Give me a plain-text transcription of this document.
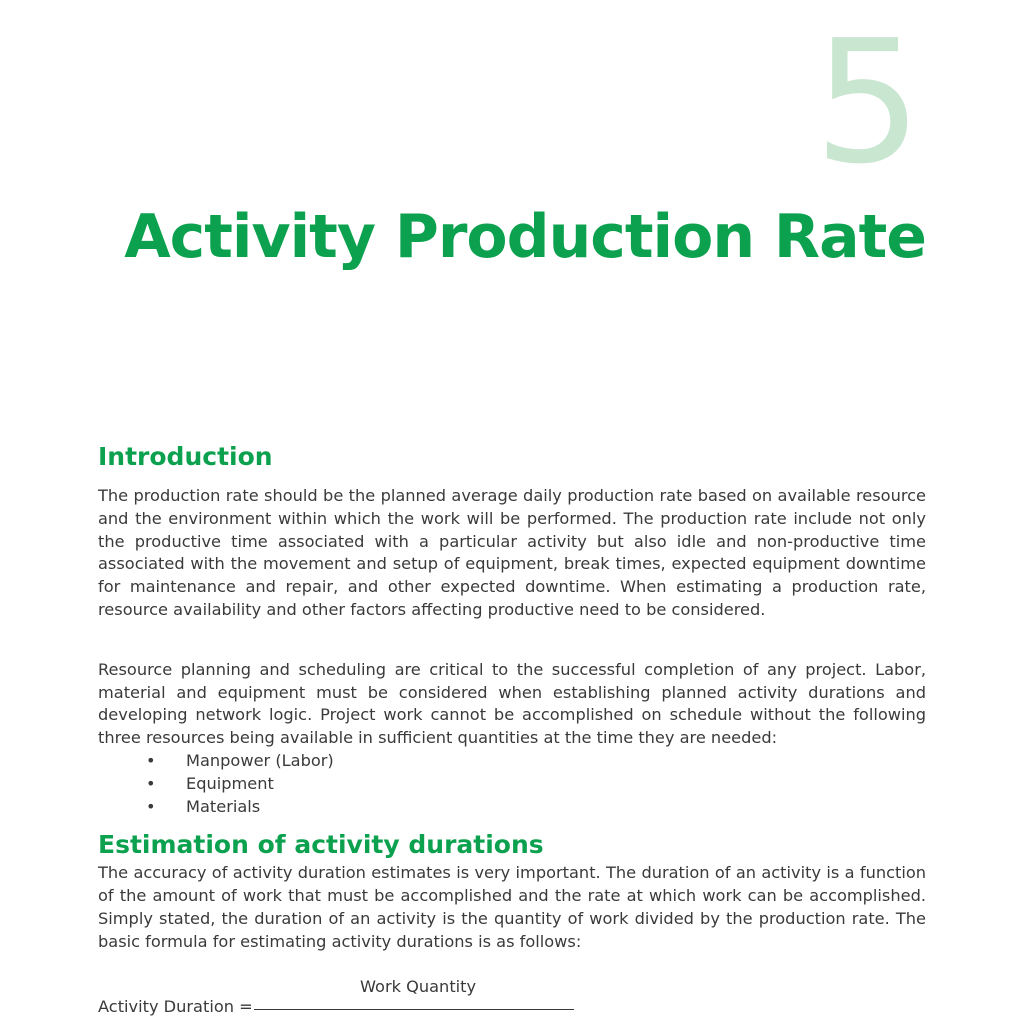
5
Activity Production Rate
Introduction

The production rate should be the planned average daily production rate based on available resource and the environment within which the work will be performed. The production rate include not only the productive time associated with a particular activity but also idle and non-productive time associated with the movement and setup of equipment, break times, expected equipment downtime for maintenance and repair, and other expected downtime. When estimating a production rate, resource availability and other factors affecting productive need to be considered.

Resource planning and scheduling are critical to the successful completion of any project. Labor, material and equipment must be considered when establishing planned activity durations and developing network logic. Project work cannot be accomplished on schedule without the following three resources being available in sufficient quantities at the time they are needed:

• Manpower (Labor)
• Equipment
• Materials
Estimation of activity durations

The accuracy of activity duration estimates is very important. The duration of an activity is a function of the amount of work that must be accomplished and the rate at which work can be accomplished. Simply stated, the duration of an activity is the quantity of work divided by the production rate. The basic formula for estimating activity durations is as follows:

Work Quantity
Activity Duration =
